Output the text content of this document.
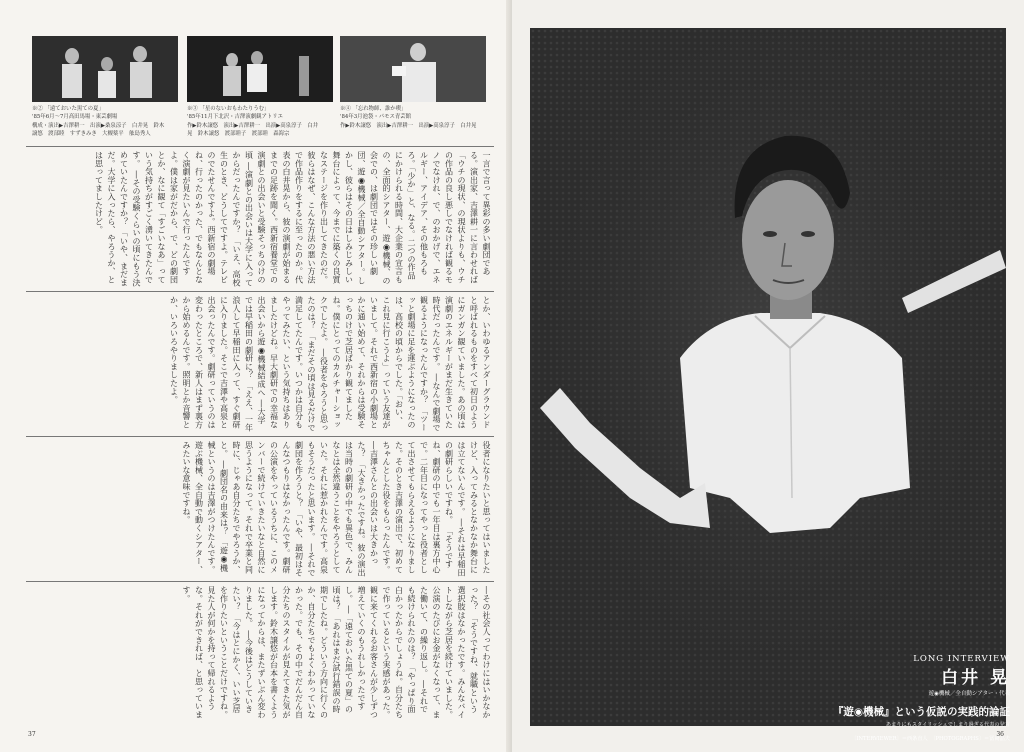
※② 「遠ておいた黒ての夏」
'85年6月～7月高田馬場・東芸劇場
構成・演出▶吉澤耕一　出演▶桑泉涼子　白井晃　鈴木
譲悠　渡部睦　すずきみき　大槻薬平　舷島秀人
※③ 「星のないおもわたりうむ」
'85年11月下北沢・吉澤演劇観アトリエ
作▶鈴木譲悠　演出▶吉澤耕一　出演▶高泉淳子　白井
晃　鈴木譲悠　渡部睦子　渡部睦　森海宗
※④ 「忘れ物師、誰か喫」
'84年3月池袋・パモス青芸館
作▶鈴木譲悠　演出▶吉澤耕一　出演▶高泉淳子　白井晃
一言で言って異彩の多い劇団である。演出家、吉澤耕一に言わせれば「ウチの現状、の現状よりも、ウチの作品の良し悪しでなければ観るモノでなけれ、で、のおかげで、エネルギー、アイデア、その他もろもろ。「少か」と、なる。二つの作品にかけられる時間、大企業の宣言もの、全面的シアター、遊◉機械、の会での、は劇団ではその珍しい劇団、遊◉機械／全自動シアター。しかし、彼らはその日はしみじみしい舞台によって、今までに築くの良質なステージを作り出してきたのだ。彼らはなぜ、こんな方法の悪い方法で作品作りをするに至ったのか。代表の白井晃から、彼の演劇が始まるまでの足跡を聞く。西新宿養堂での演劇との出会いと受験そっちのけの頃 ―演劇との出会いは大学に入ってからだったんですか？ 「いえ、高校生のとき、どうしてですよ。テレビのでたせんですよ。西新宿の劇場ね、行ったのかった、でもなんとなく演劇が見たいんで行ったんですよ。僕は家がだから、で、どの劇団とか、なに観て「すごいなあ」っていう気持ちがすごく湧いてきたんです。 ―その受験くらいの頃にもう決めていたんですか？ 「いや、まだまだ。大学に入ったら、やろうか、とは思ってましたけど。
とか、いわゆるアンダーグラウンドと呼ばれるものをすべて初日のようにガンガン観ていました。あの頃は演劇のエネルギーがまだ生きていた時代だったんです。 ―なんで劇場で観るようになったんですか？ 「ツーッと劇場に足を運ぶようになったのは、高校の頃からでした。「おい、これ見に行こうよ」っていう友達がいまして。それで西新宿の小劇場とかに通い始めて、それからは受験そっちのけで芝居ばかり観てましたね。僕にとってのカルチャーショックでしたよ。 ―役者をやろうと思ったのは？ 「まだその頃は見るだけで満足してたんです。いつかは自分もやってみたい、という気持ちはありましたけどね。早大劇研での幸福な出会いから遊◉機械結成へ ―大学では早稲田の劇研に？ 「ええ、一年浪人して早稲田に入って、すぐ劇研に入りました。そこで吉澤や高泉と出会ったんです。劇研っていうのは変わったところで、新人はまず裏方から始めるんです。照明とか音響とか、いろいろやりましたよ。
役者になりたいと思ってはいましたけど、入ってみるとなかなか舞台には立てないんです。 ―それは早稲田の劇研らしいですね。 「そうですね、劇研の中でも一年目は裏方中心で。二年目になってやっと役者として出させてもらえるようになりました。そのとき吉澤の演出で、初めてちゃんとした役をもらったんです。 ―吉澤さんとの出会いは大きかった？ 「大きかったですね。彼の演出は当時の劇研の中でも異色で、みんなとは全然違うことをやろうとしていた。それに惹かれたんです。高泉もそうだったと思います。 ―それで劇団を作ろうと？ 「いや、最初はそんなつもりはなかったんです。劇研の公演をやっているうちに、このメンバーで続けていきたいなと自然に思うようになって。それで卒業と同時に、じゃあ自分たちでやろうか、と。 ―劇団名の由来は？ 「遊◉機械というのは吉澤がつけたんです。遊ぶ機械、全自動で動くシアター、みたいな意味ですね。
―その社会人ってわけにはいかなかった？ 「そうですね、就職という選択肢はなかったです。みんなバイトしながら芝居を続けていました。公演のたびにお金がなくなって、また働いて、の繰り返し。 ―それでも続けられたのは？ 「やっぱり面白かったからでしょうね。自分たちで作っているという実感があった。観に来てくれるお客さんが少しずつ増えていくのもうれしかったですし。 ―「遠ておいた黒ての夏」の頃は？ 「あれはまだ試行錯誤の時期でしたね。どういう方向に行くのか、自分たちでもよくわかっていなかった。でも、その中でだんだん自分たちのスタイルが見えてきた気がします。鈴木譲悠が台本を書くようになってからは、またずいぶん変わりました。 ―今後はどうしていきたい？ 「今はとにかく、いい芝居を作りたいということだけですね。見た人が何かを持って帰れるような。それができれば、と思っています。
37
LONG INTERVIEW
白井 晃
遊◉機械／全自動シアター・代表
『遊◉機械』という仮説の実践的論証
あまりにもスタイリッシュでしまり過ぎる代表の発言
〔INTERVIEWER〕＝西条直人　〔PHOTOGRAPHS〕＝冨岡晶夫
36
